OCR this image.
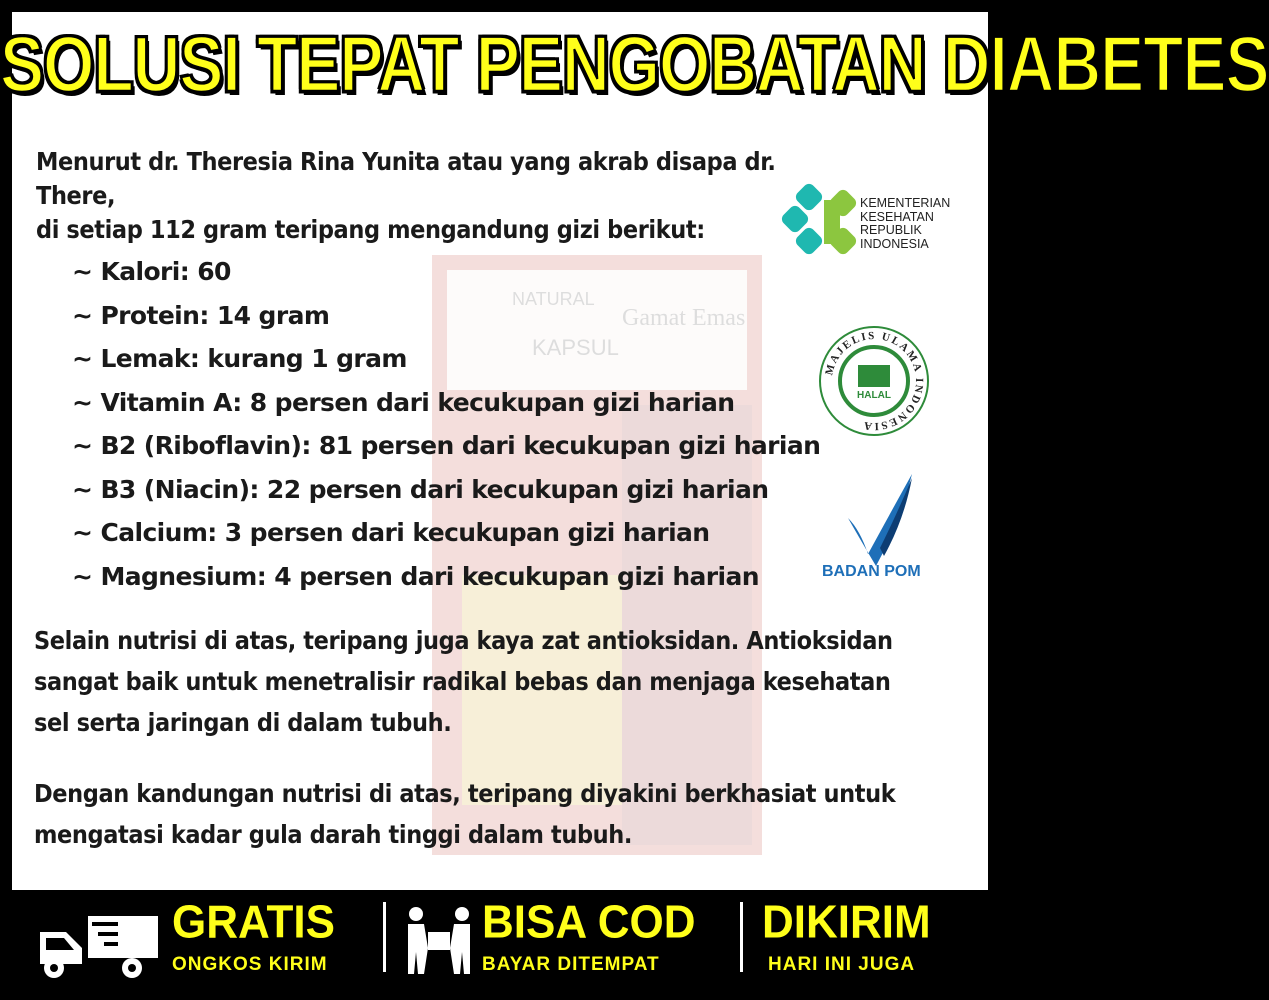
SOLUSI TEPAT PENGOBATAN DIABETES
NATURAL
KAPSUL
Gamat Emas
Menurut dr. Theresia Rina Yunita atau yang akrab disapa dr. There,
di setiap 112 gram teripang mengandung gizi berikut:
~ Kalori: 60
~ Protein: 14 gram
~ Lemak: kurang 1 gram
~ Vitamin A: 8 persen dari kecukupan gizi harian
~ B2 (Riboflavin): 81 persen dari kecukupan gizi harian
~ B3 (Niacin): 22 persen dari kecukupan gizi harian
~ Calcium: 3 persen dari kecukupan gizi harian
~ Magnesium: 4 persen dari kecukupan gizi harian
Selain nutrisi di atas, teripang juga kaya zat antioksidan. Antioksidan
sangat baik untuk menetralisir radikal bebas dan menjaga kesehatan
sel serta jaringan di dalam tubuh.
Dengan kandungan nutrisi di atas, teripang diyakini berkhasiat untuk
mengatasi kadar gula darah tinggi dalam tubuh.
KEMENTERIAN
KESEHATAN
REPUBLIK
INDONESIA
MAJELIS ULAMA INDONESIA
HALAL
BADAN POM
GRATIS
ONGKOS KIRIM
BISA COD
BAYAR DITEMPAT
DIKIRIM
HARI INI JUGA
